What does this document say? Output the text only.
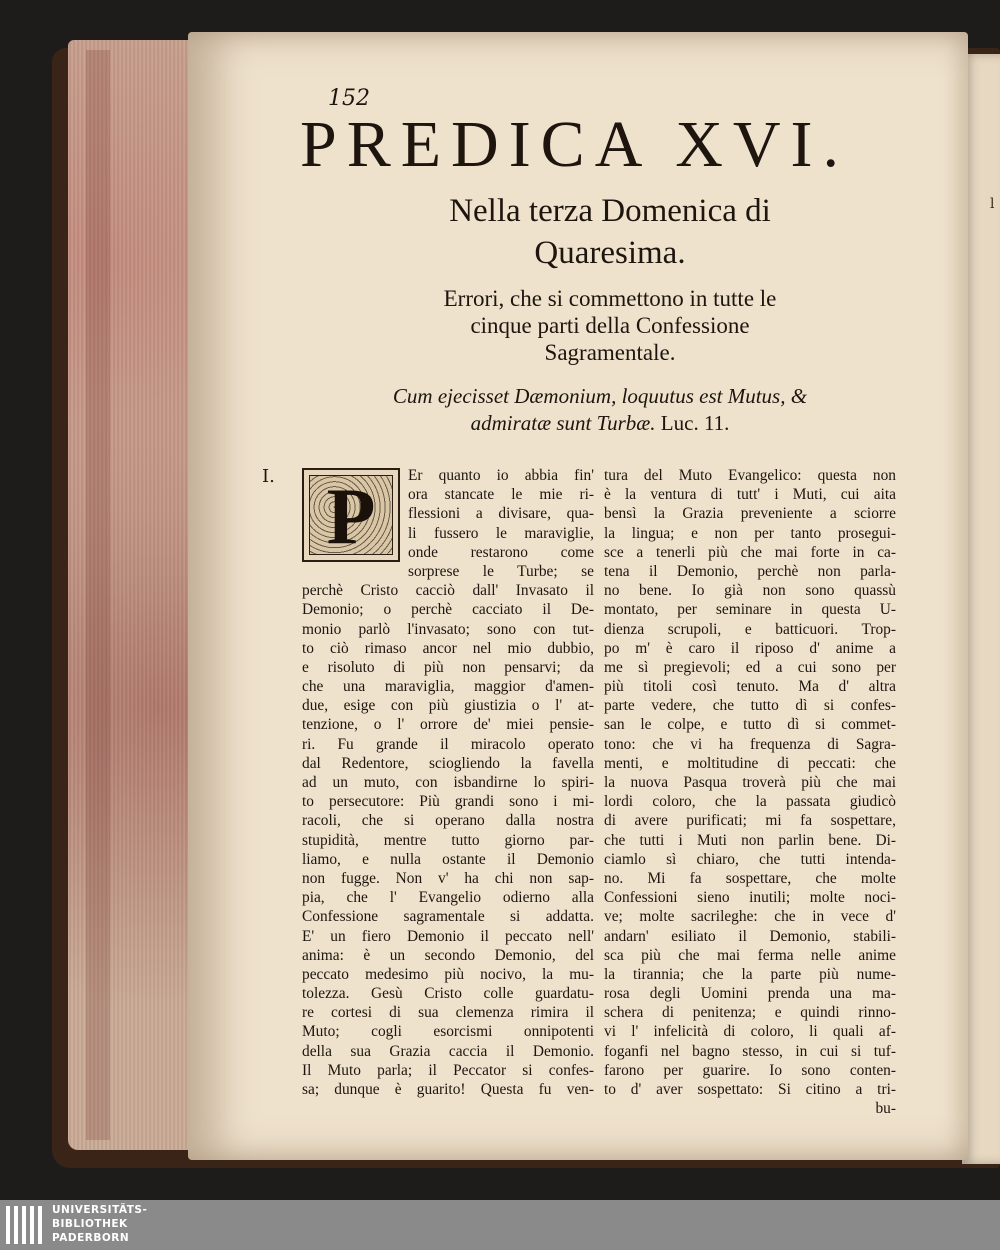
152
PREDICA XVI.
Nella terza Domenica di
Quaresima.
Errori, che si commettono in tutte le
cinque parti della Confessione
Sagramentale.
Cum ejecisset Dæmonium, loquutus est Mutus, &
admiratæ sunt Turbæ. Luc. 11.
I. P	Er quanto io abbia fin'
ora stancate le mie ri-
flessioni a divisare, qua-
li fussero le maraviglie,
onde restarono come
sorprese le Turbe; se
perchè Cristo cacciò dall' Invasato il
Demonio; o perchè cacciato il De-
monio parlò l'invasato; sono con tut-
to ciò rimaso ancor nel mio dubbio,
e risoluto di più non pensarvi; da
che una maraviglia, maggior d'amen-
due, esige con più giustizia o l' at-
tenzione, o l' orrore de' miei pensie-
ri. Fu grande il miracolo operato
dal Redentore, sciogliendo la favella
ad un muto, con isbandirne lo spiri-
to persecutore: Più grandi sono i mi-
racoli, che si operano dalla nostra
stupidità, mentre tutto giorno par-
liamo, e nulla ostante il Demonio
non fugge. Non v' ha chi non sap-
pia, che l' Evangelio odierno alla
Confessione sagramentale si addatta.
E' un fiero Demonio il peccato nell'
anima: è un secondo Demonio, del
peccato medesimo più nocivo, la mu-
tolezza. Gesù Cristo colle guardatu-
re cortesi di sua clemenza rimira il
Muto; cogli esorcismi onnipotenti
della sua Grazia caccia il Demonio.
Il Muto parla; il Peccator si confes-
sa; dunque è guarito! Questa fu ven-
tura del Muto Evangelico: questa non
è la ventura di tutt' i Muti, cui aita
bensì la Grazia preveniente a sciorre
la lingua; e non per tanto prosegui-
sce a tenerli più che mai forte in ca-
tena il Demonio, perchè non parla-
no bene. Io già non sono quassù
montato, per seminare in questa U-
dienza scrupoli, e batticuori. Trop-
po m' è caro il riposo d' anime a
me sì pregievoli; ed a cui sono per
più titoli così tenuto. Ma d' altra
parte vedere, che tutto dì si confes-
san le colpe, e tutto dì si commet-
tono: che vi ha frequenza di Sagra-
menti, e moltitudine di peccati: che
la nuova Pasqua troverà più che mai
lordi coloro, che la passata giudicò
di avere purificati; mi fa sospettare,
che tutti i Muti non parlin bene. Di-
ciamlo sì chiaro, che tutti intenda-
no. Mi fa sospettare, che molte
Confessioni sieno inutili; molte noci-
ve; molte sacrileghe: che in vece d'
andarn' esiliato il Demonio, stabili-
sca più che mai ferma nelle anime
la tirannia; che la parte più nume-
rosa degli Uomini prenda una ma-
schera di penitenza; e quindi rinno-
vi l' infelicità di coloro, li quali af-
foganfi nel bagno stesso, in cui si tuf-
farono per guarire. Io sono conten-
to d' aver sospettato: Si citino a tri-
bu-
l
UNIVERSITÄTS-
BIBLIOTHEK
PADERBORN
